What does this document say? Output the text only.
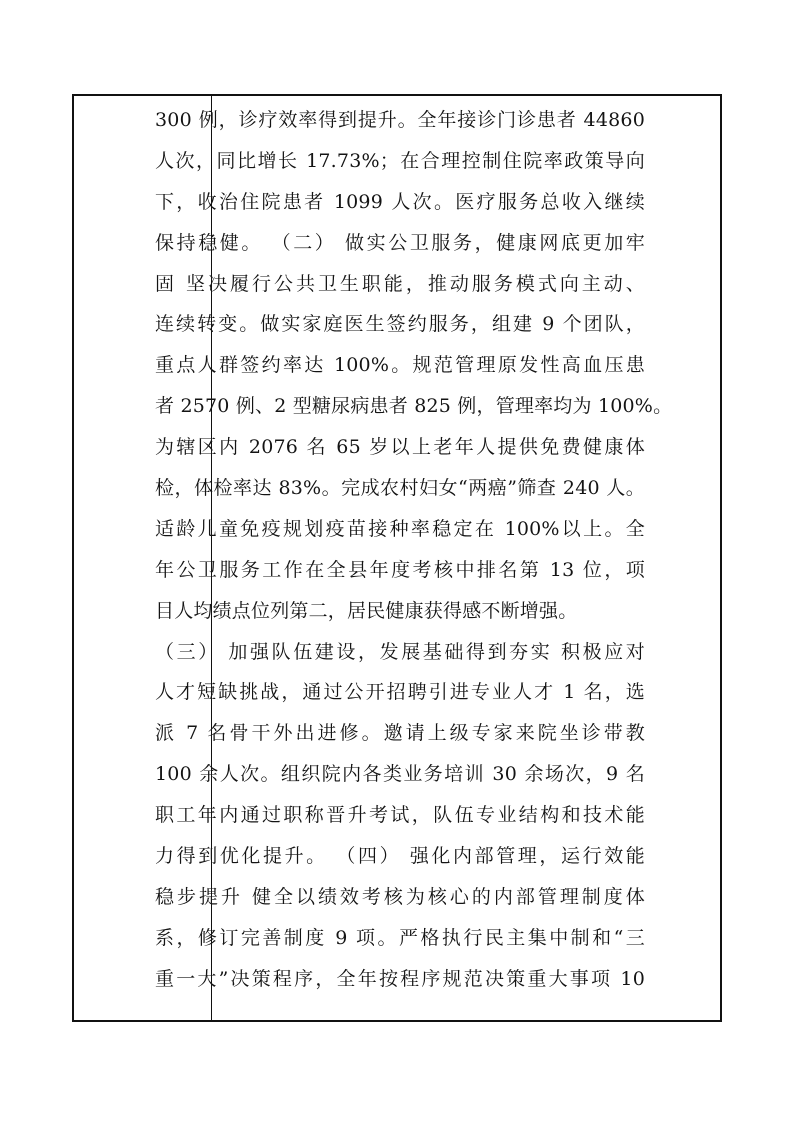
300 例，诊疗效率得到提升。全年接诊门诊患者 44860
人次，同比增长 17.73%；在合理控制住院率政策导向
下，收治住院患者 1099 人次。医疗服务总收入继续
保持稳健。 （二） 做实公卫服务，健康网底更加牢
固 坚决履行公共卫生职能，推动服务模式向主动、
连续转变。做实家庭医生签约服务，组建 9 个团队，
重点人群签约率达 100%。规范管理原发性高血压患
者 2570 例、2 型糖尿病患者 825 例，管理率均为 100%。
为辖区内 2076 名 65 岁以上老年人提供免费健康体
检，体检率达 83%。完成农村妇女“两癌”筛查 240 人。
适龄儿童免疫规划疫苗接种率稳定在 100%以上。全
年公卫服务工作在全县年度考核中排名第 13 位，项
目人均绩点位列第二，居民健康获得感不断增强。
（三） 加强队伍建设，发展基础得到夯实 积极应对
人才短缺挑战，通过公开招聘引进专业人才 1 名，选
派 7 名骨干外出进修。邀请上级专家来院坐诊带教
100 余人次。组织院内各类业务培训 30 余场次，9 名
职工年内通过职称晋升考试，队伍专业结构和技术能
力得到优化提升。 （四） 强化内部管理，运行效能
稳步提升 健全以绩效考核为核心的内部管理制度体
系，修订完善制度 9 项。严格执行民主集中制和“三
重一大”决策程序，全年按程序规范决策重大事项 10
